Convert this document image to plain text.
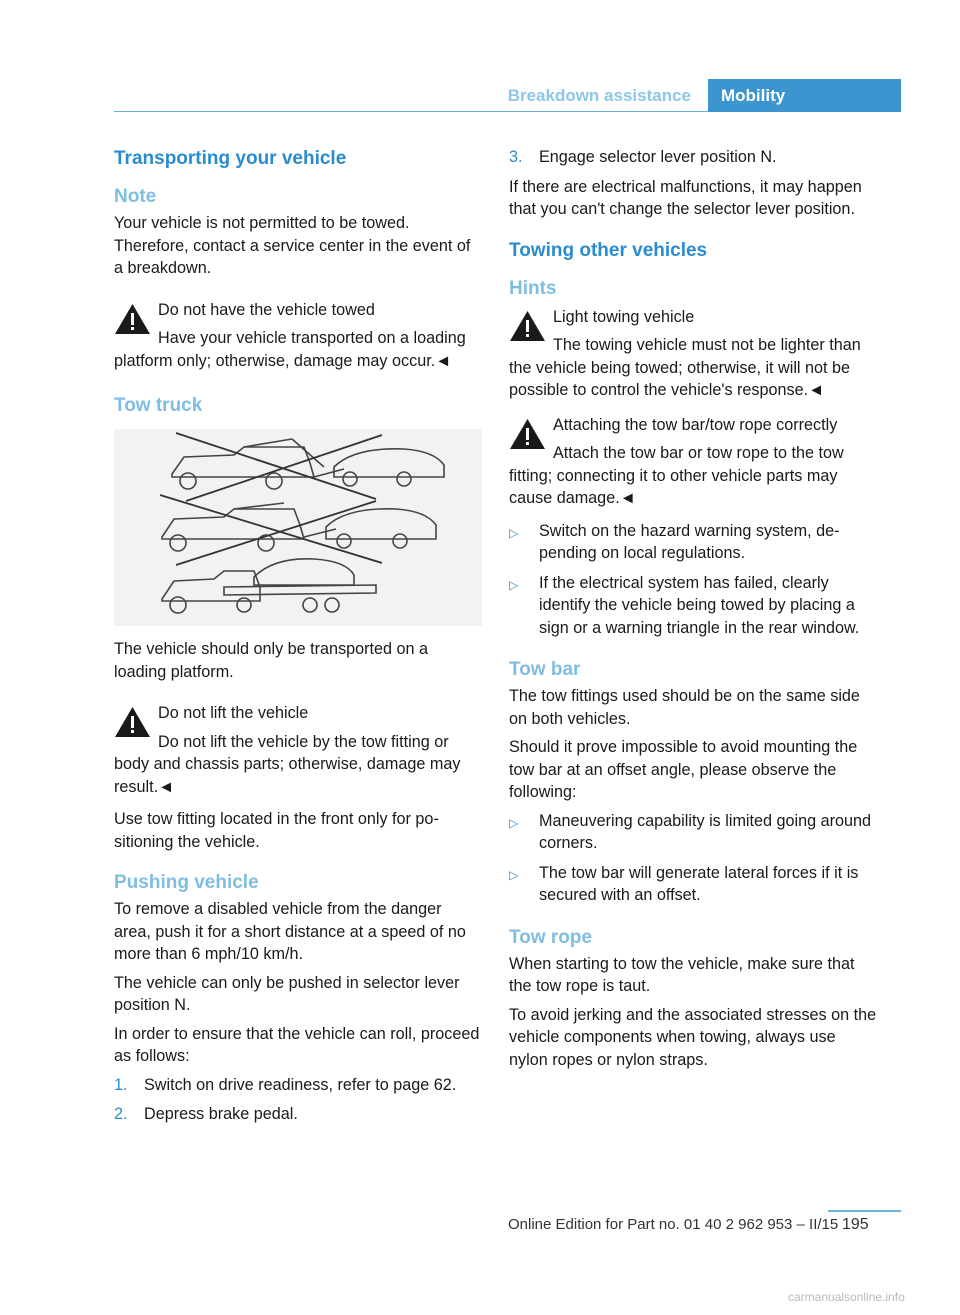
Breakdown assistance	Mobility
Transporting your vehicle
Note

Your vehicle is not permitted to be towed. Therefore, contact a service center in the event of a breakdown.

Do not have the vehicle towed

Have your vehicle transported on a loading platform only; otherwise, damage may occur.◄

Tow truck

The vehicle should only be transported on a loading platform.

Do not lift the vehicle

Do not lift the vehicle by the tow fitting or body and chassis parts; otherwise, damage may result.◄

Use tow fitting located in the front only for positioning the vehicle.

Pushing vehicle

To remove a disabled vehicle from the danger area, push it for a short distance at a speed of no more than 6 mph/10 km/h.

The vehicle can only be pushed in selector lever position N.

In order to ensure that the vehicle can roll, proceed as follows:

1. Switch on drive readiness, refer to page 62.
2. Depress brake pedal.
3. Engage selector lever position N.

If there are electrical malfunctions, it may happen that you can't change the selector lever position.

Towing other vehicles
Hints
Light towing vehicle

The towing vehicle must not be lighter than the vehicle being towed; otherwise, it will not be possible to control the vehicle's response.◄

Attaching the tow bar/tow rope correctly

Attach the tow bar or tow rope to the tow fitting; connecting it to other vehicle parts may cause damage.◄

▷ Switch on the hazard warning system, depending on local regulations.
▷ If the electrical system has failed, clearly identify the vehicle being towed by placing a sign or a warning triangle in the rear window.
Tow bar

The tow fittings used should be on the same side on both vehicles.

Should it prove impossible to avoid mounting the tow bar at an offset angle, please observe the following:

▷ Maneuvering capability is limited going around corners.
▷ The tow bar will generate lateral forces if it is secured with an offset.
Tow rope

When starting to tow the vehicle, make sure that the tow rope is taut.

To avoid jerking and the associated stresses on the vehicle components when towing, always use nylon ropes or nylon straps.

Online Edition for Part no. 01 40 2 962 953 – II/15 195
carmanualsonline.info
